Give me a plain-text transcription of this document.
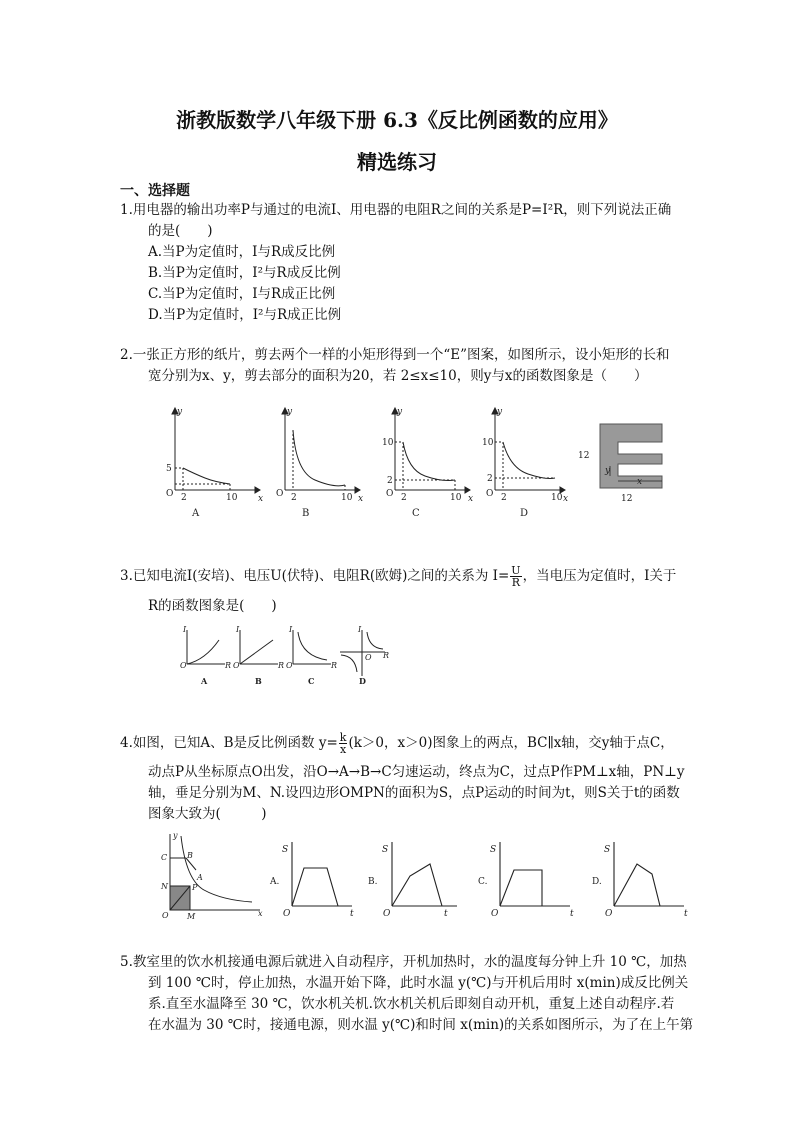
浙教版数学八年级下册 6.3《反比例函数的应用》
精选练习
一、选择题
1.用电器的输出功率P与通过的电流I、用电器的电阻R之间的关系是P=I²R，则下列说法正确
的是(　　)
A.当P为定值时，I与R成反比例
B.当P为定值时，I²与R成反比例
C.当P为定值时，I与R成正比例
D.当P为定值时，I²与R成正比例
2.一张正方形的纸片，剪去两个一样的小矩形得到一个“E”图案，如图所示，设小矩形的长和
宽分别为x、y，剪去部分的面积为20，若 2≤x≤10，则y与x的函数图象是（　　）
y
x
5
O 2	10
A
y
x
O 2	10
B
y
x
10
2
O 2	10
C
y
x
10
2
O 2	10
D
12
12
y
x
3.已知电流I(安培)、电压U(伏特)、电阻R(欧姆)之间的关系为 $I= \frac{U}{R}$ ，当电压为定值时，I关于
R的函数图象是(　　)
I
O	R
I
O	R
I
O	R
I
O R
A	B	C	D
4.如图，已知A、B是反比例函数 $y= \frac{k}{x} (k>0$，x＞0)图象上的两点，BC∥x轴，交y轴于点C，
动点P从坐标原点O出发，沿O→A→B→C匀速运动，终点为C，过点P作PM⊥x轴，PN⊥y
轴，垂足分别为M、N.设四边形OMPN的面积为S，点P运动的时间为t，则S关于t的函数
图象大致为(　　　)
C B
A
P
N
O M	x
y
A.
S
O	t
B.
S
O	t
C.
S
O	t
D.
S
O	t
5.教室里的饮水机接通电源后就进入自动程序，开机加热时，水的温度每分钟上升 10 ℃，加热
到 100 ℃时，停止加热，水温开始下降，此时水温 y(℃)与开机后用时 x(min)成反比例关
系.直至水温降至 30 ℃，饮水机关机.饮水机关机后即刻自动开机，重复上述自动程序.若
在水温为 30 ℃时，接通电源，则水温 y(℃)和时间 x(min)的关系如图所示，为了在上午第
